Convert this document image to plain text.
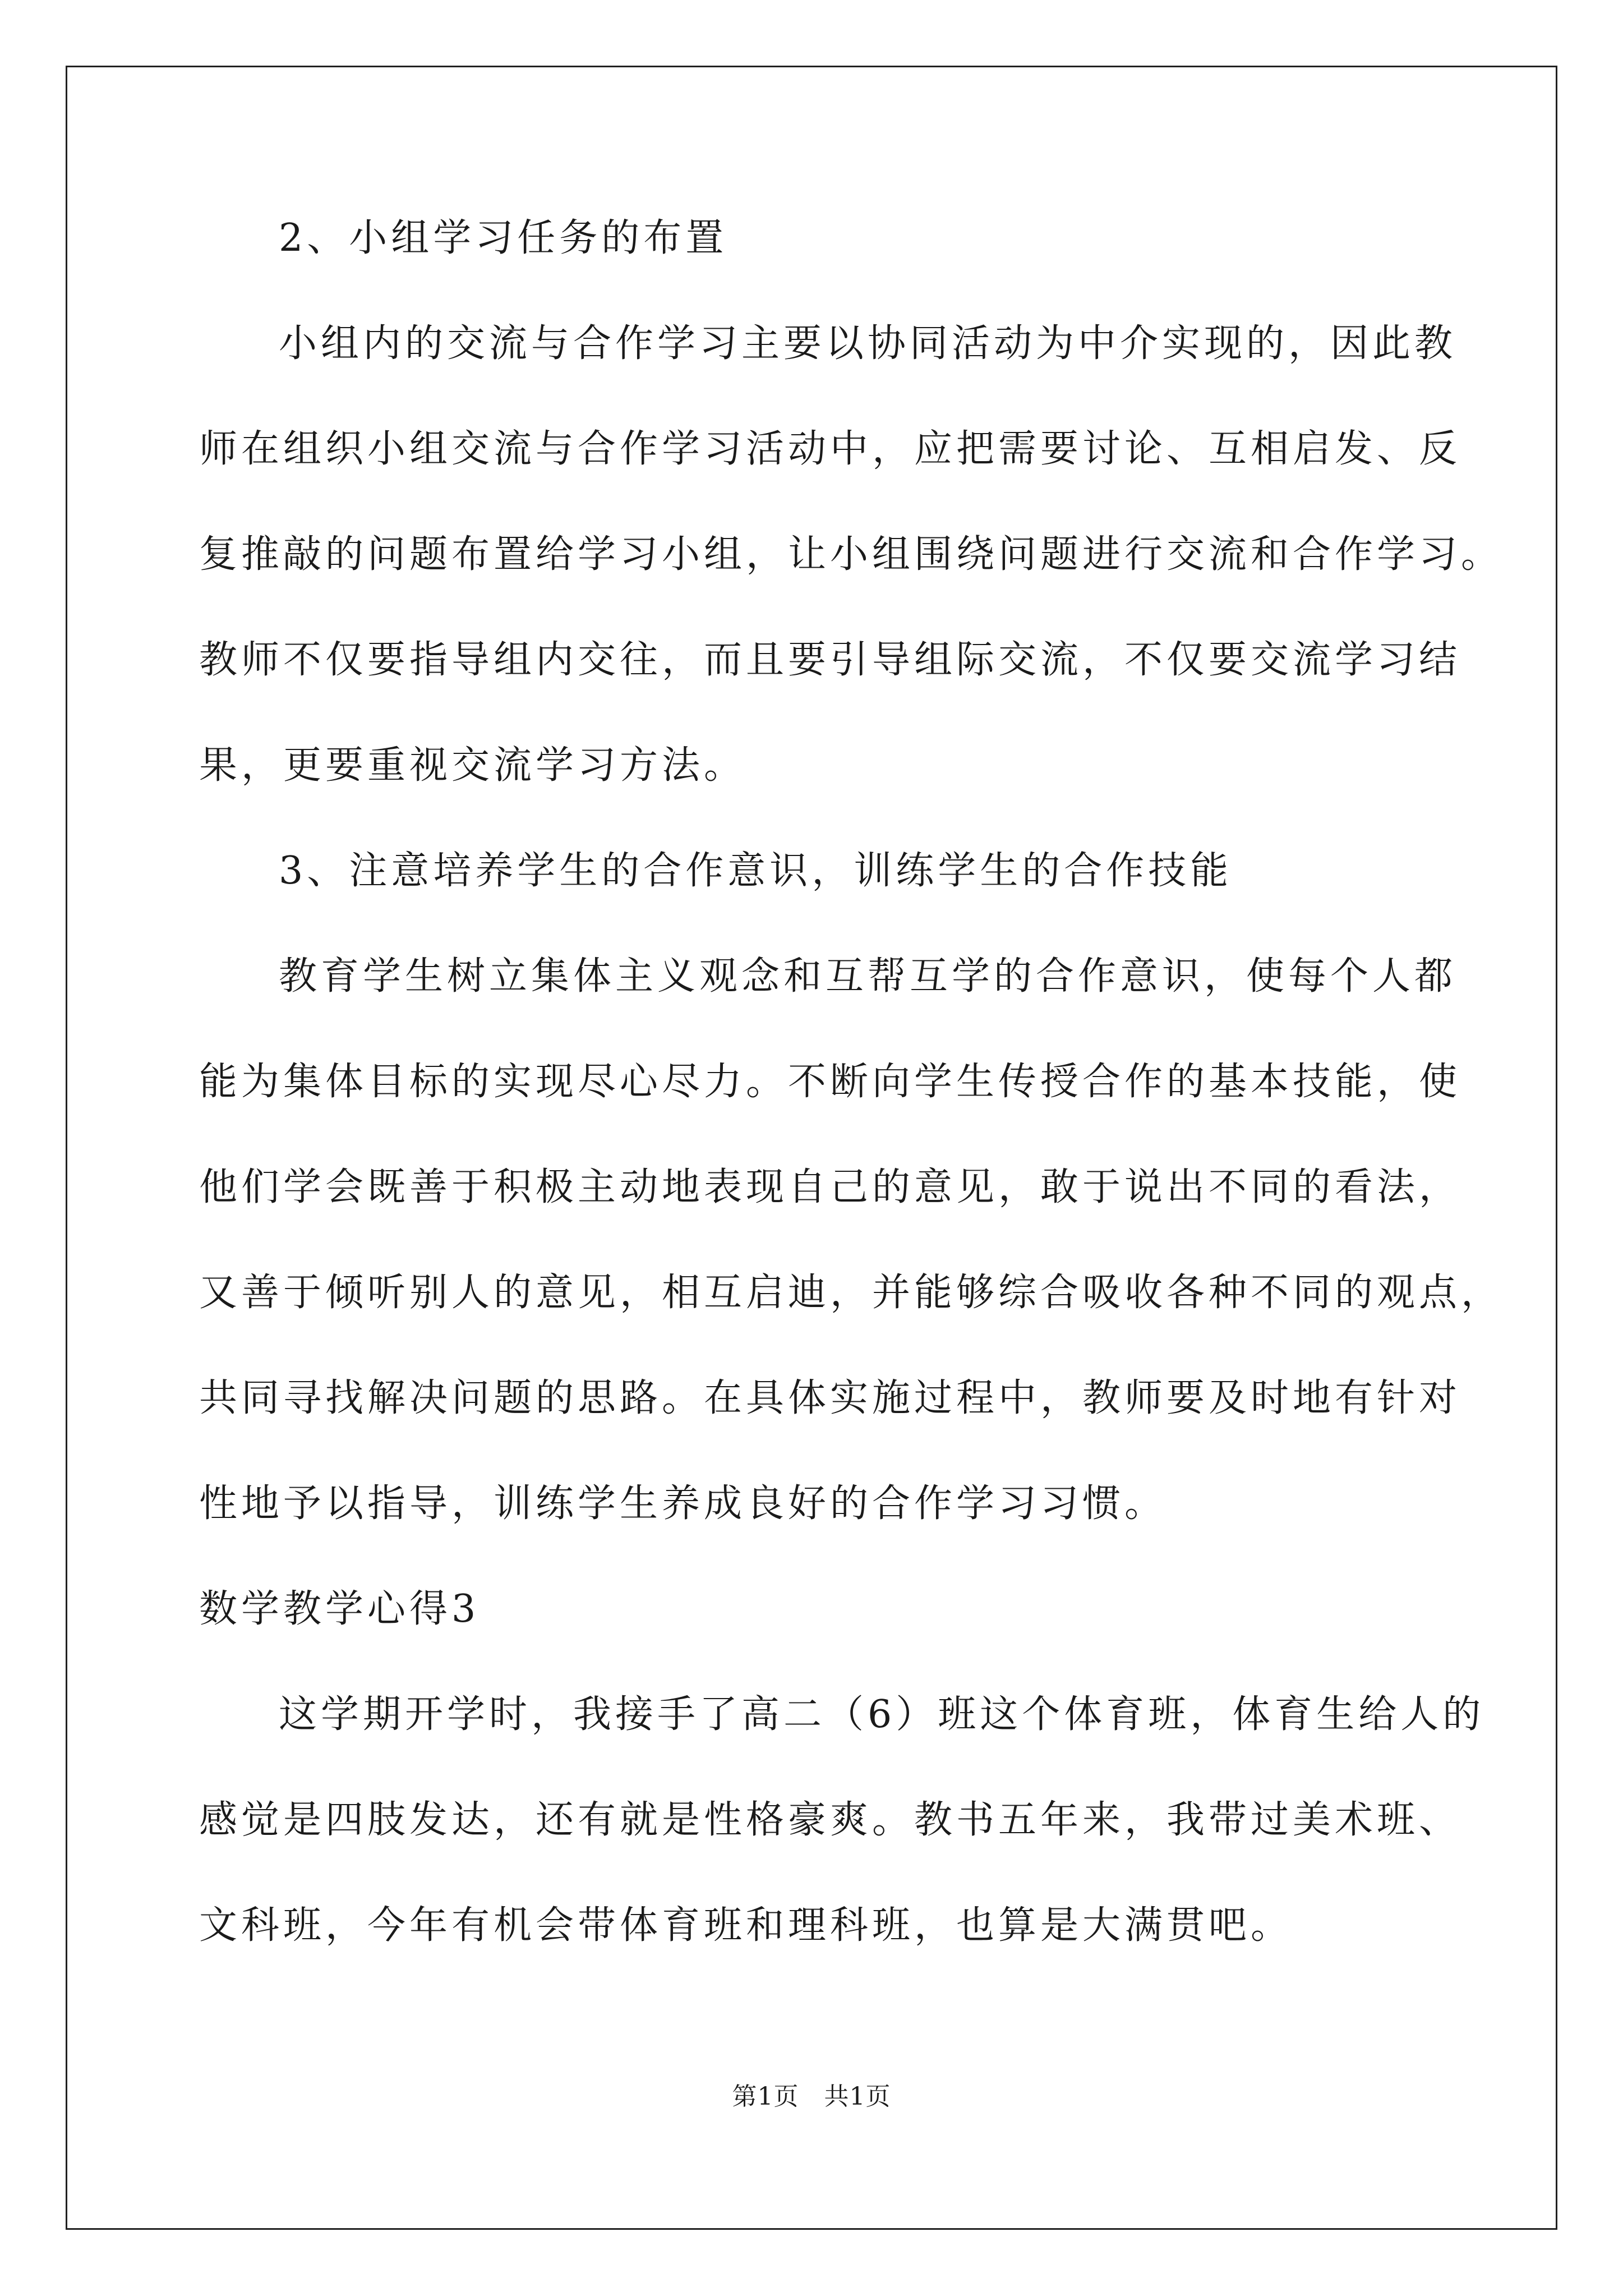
2、小组学习任务的布置
小组内的交流与合作学习主要以协同活动为中介实现的，因此教
师在组织小组交流与合作学习活动中，应把需要讨论、互相启发、反
复推敲的问题布置给学习小组，让小组围绕问题进行交流和合作学习。
教师不仅要指导组内交往，而且要引导组际交流，不仅要交流学习结
果，更要重视交流学习方法。
3、注意培养学生的合作意识，训练学生的合作技能
教育学生树立集体主义观念和互帮互学的合作意识，使每个人都
能为集体目标的实现尽心尽力。不断向学生传授合作的基本技能，使
他们学会既善于积极主动地表现自己的意见，敢于说出不同的看法，
又善于倾听别人的意见，相互启迪，并能够综合吸收各种不同的观点，
共同寻找解决问题的思路。在具体实施过程中，教师要及时地有针对
性地予以指导，训练学生养成良好的合作学习习惯。
数学教学心得3
这学期开学时，我接手了高二（6）班这个体育班，体育生给人的
感觉是四肢发达，还有就是性格豪爽。教书五年来，我带过美术班、
文科班，今年有机会带体育班和理科班，也算是大满贯吧。
第1页　共1页
